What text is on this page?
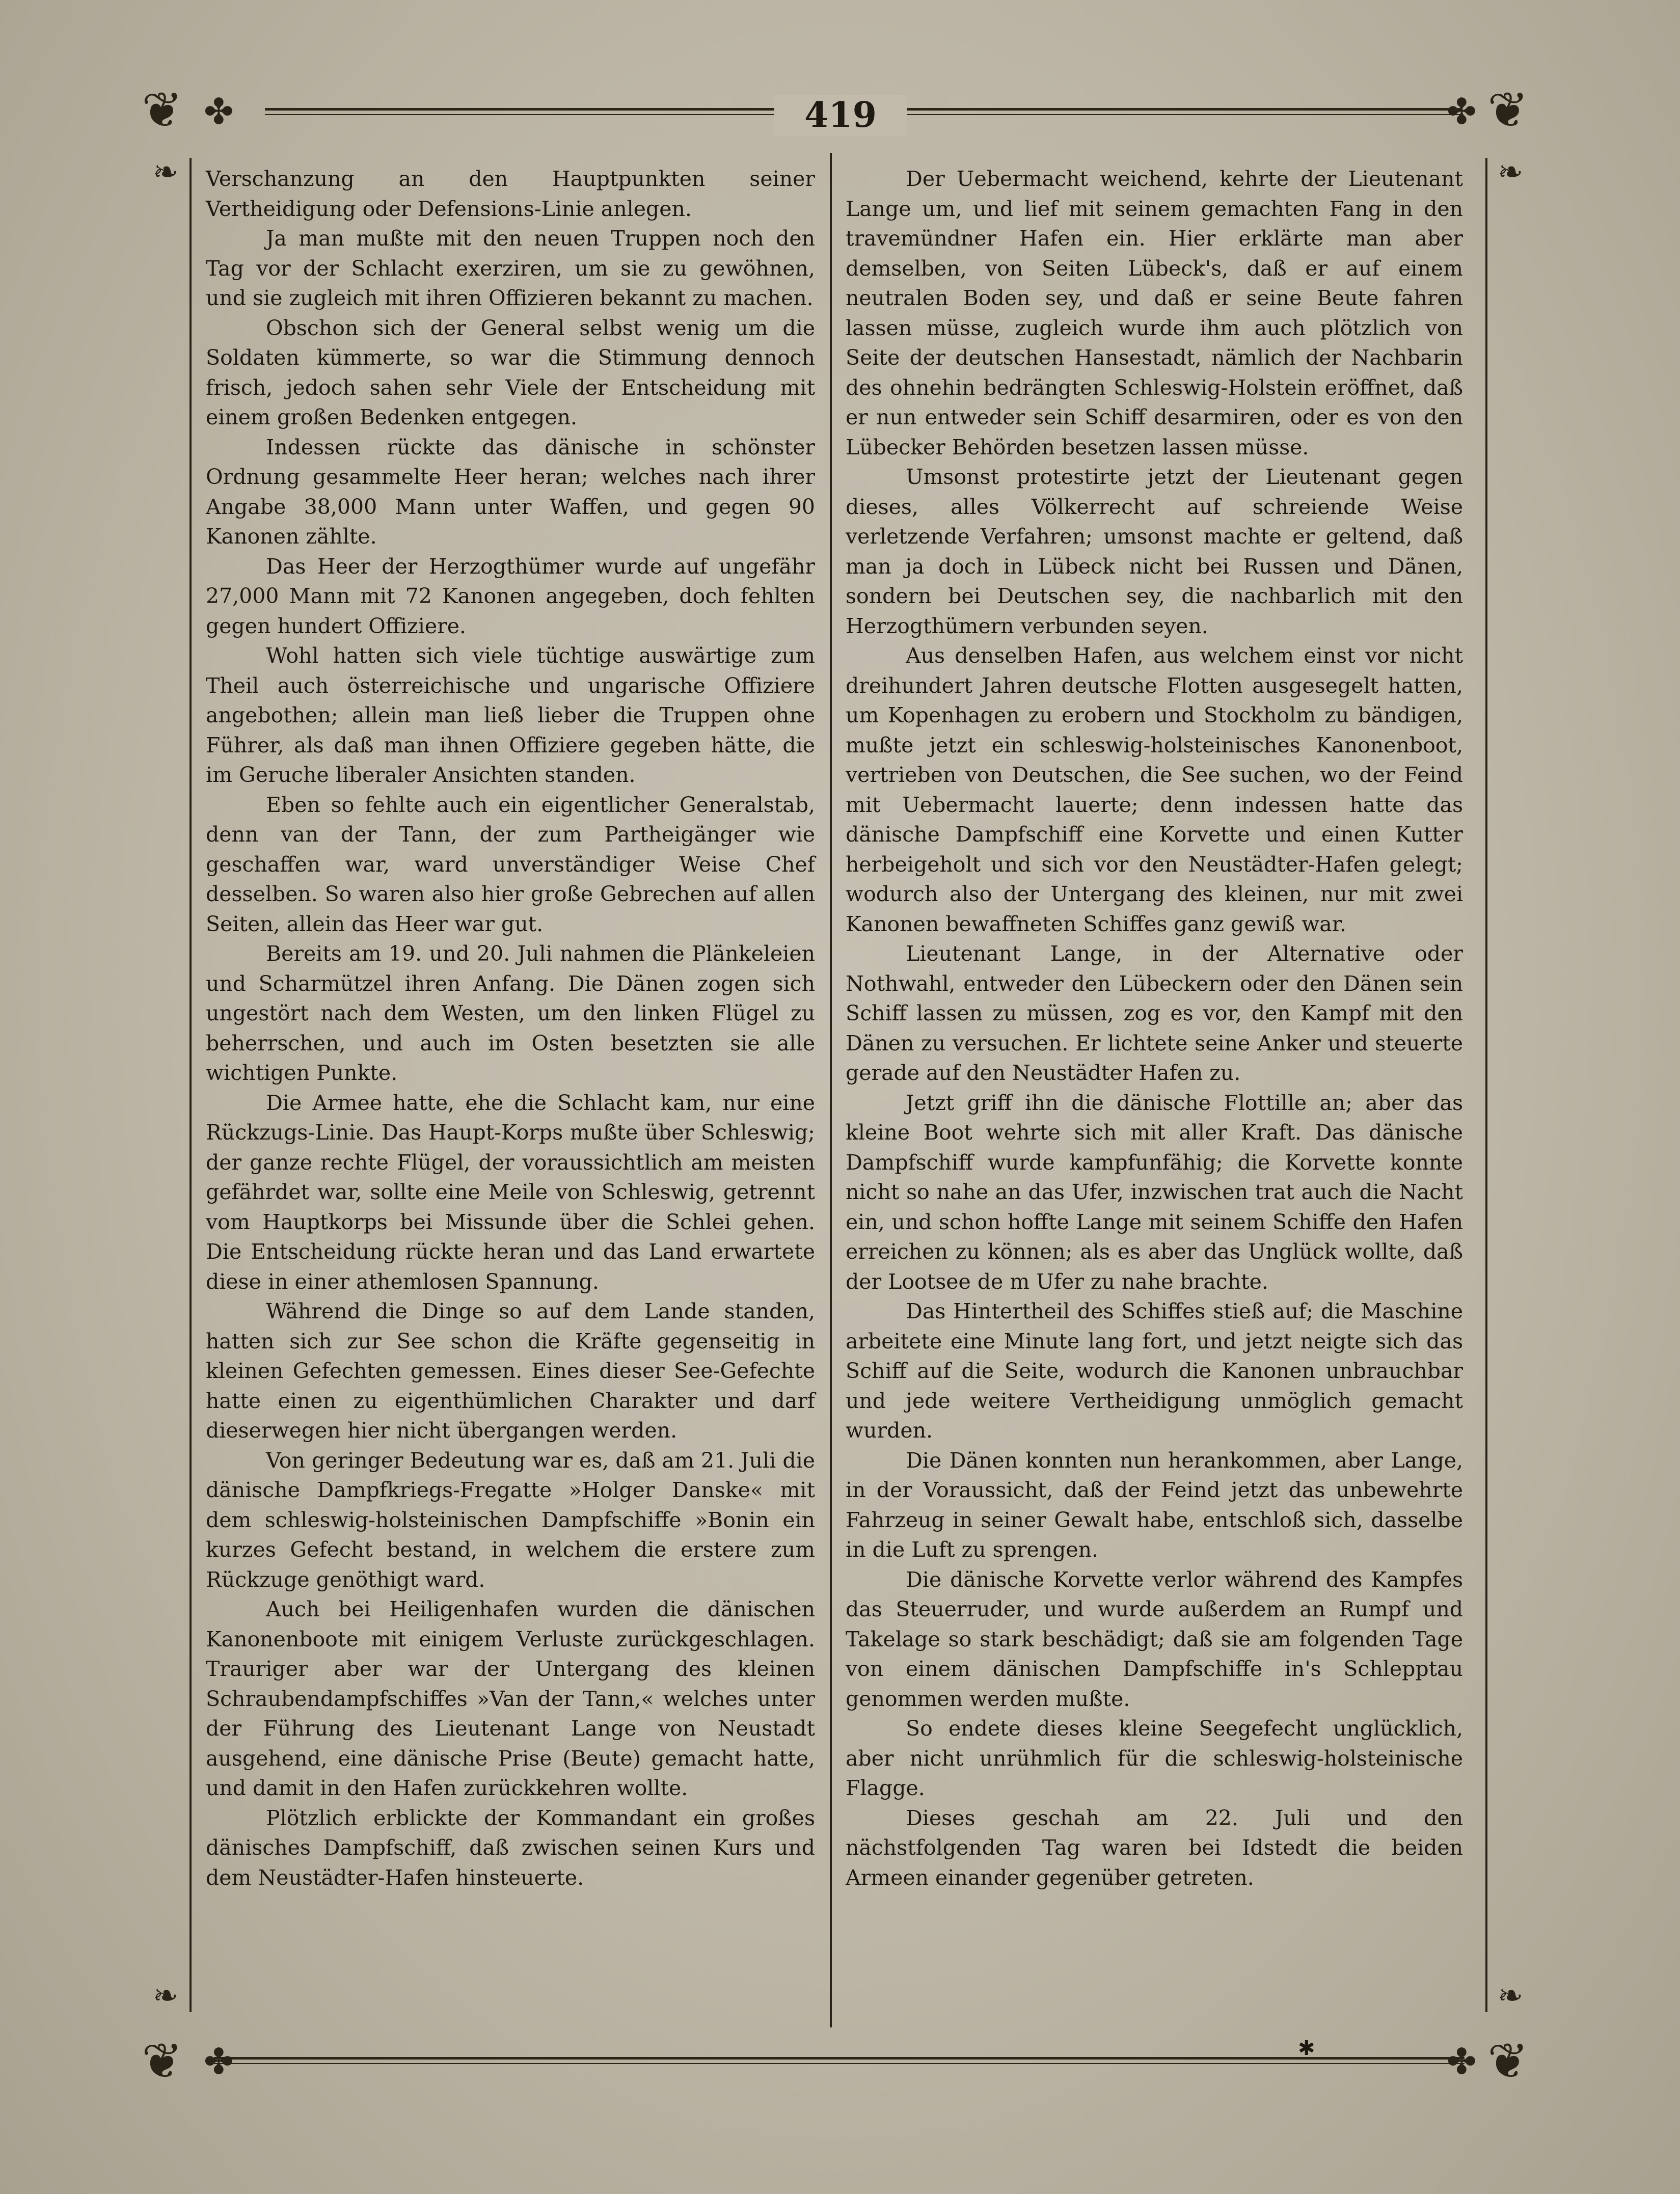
❦ ✤	❦
✤
❦ ✤	❦
✤
❧
❧
❧
❧
419

Verschanzung an den Hauptpunkten seiner Vertheidigung oder Defensions-Linie anlegen.

Ja man mußte mit den neuen Truppen noch den Tag vor der Schlacht exerziren, um sie zu gewöhnen, und sie zugleich mit ihren Offizieren bekannt zu machen.

Obschon sich der General selbst wenig um die Soldaten kümmerte, so war die Stimmung dennoch frisch, jedoch sahen sehr Viele der Entscheidung mit einem großen Bedenken entgegen.

Indessen rückte das dänische in schönster Ordnung gesammelte Heer heran; welches nach ihrer Angabe 38,000 Mann unter Waffen, und gegen 90 Kanonen zählte.

Das Heer der Herzogthümer wurde auf ungefähr 27,000 Mann mit 72 Kanonen angegeben, doch fehlten gegen hundert Offiziere.

Wohl hatten sich viele tüchtige auswärtige zum Theil auch österreichische und ungarische Offiziere angebothen; allein man ließ lieber die Truppen ohne Führer, als daß man ihnen Offiziere gegeben hätte, die im Geruche liberaler Ansichten standen.

Eben so fehlte auch ein eigentlicher Generalstab, denn van der Tann, der zum Partheigänger wie geschaffen war, ward unverständiger Weise Chef desselben. So waren also hier große Gebrechen auf allen Seiten, allein das Heer war gut.

Bereits am 19. und 20. Juli nahmen die Plänkeleien und Scharmützel ihren Anfang. Die Dänen zogen sich ungestört nach dem Westen, um den linken Flügel zu beherrschen, und auch im Osten besetzten sie alle wichtigen Punkte.

Die Armee hatte, ehe die Schlacht kam, nur eine Rückzugs-Linie. Das Haupt-Korps mußte über Schleswig; der ganze rechte Flügel, der voraussichtlich am meisten gefährdet war, sollte eine Meile von Schleswig, getrennt vom Hauptkorps bei Missunde über die Schlei gehen. Die Entscheidung rückte heran und das Land erwartete diese in einer athemlosen Spannung.

Während die Dinge so auf dem Lande standen, hatten sich zur See schon die Kräfte gegenseitig in kleinen Gefechten gemessen. Eines dieser See-Gefechte hatte einen zu eigenthümlichen Charakter und darf dieserwegen hier nicht übergangen werden.

Von geringer Bedeutung war es, daß am 21. Juli die dänische Dampfkriegs-Fregatte »Holger Danske« mit dem schleswig-holsteinischen Dampfschiffe »Bonin ein kurzes Gefecht bestand, in welchem die erstere zum Rückzuge genöthigt ward.

Auch bei Heiligenhafen wurden die dänischen Kanonenboote mit einigem Verluste zurückgeschlagen. Trauriger aber war der Untergang des kleinen Schraubendampfschiffes »Van der Tann,« welches unter der Führung des Lieutenant Lange von Neustadt ausgehend, eine dänische Prise (Beute) gemacht hatte, und damit in den Hafen zurückkehren wollte.

Plötzlich erblickte der Kommandant ein großes dänisches Dampfschiff, daß zwischen seinen Kurs und dem Neustädter-Hafen hinsteuerte.

Der Uebermacht weichend, kehrte der Lieutenant Lange um, und lief mit seinem gemachten Fang in den travemündner Hafen ein. Hier erklärte man aber demselben, von Seiten Lübeck's, daß er auf einem neutralen Boden sey, und daß er seine Beute fahren lassen müsse, zugleich wurde ihm auch plötzlich von Seite der deutschen Hansestadt, nämlich der Nachbarin des ohnehin bedrängten Schleswig-Holstein eröffnet, daß er nun entweder sein Schiff desarmiren, oder es von den Lübecker Behörden besetzen lassen müsse.

Umsonst protestirte jetzt der Lieutenant gegen dieses, alles Völkerrecht auf schreiende Weise verletzende Verfahren; umsonst machte er geltend, daß man ja doch in Lübeck nicht bei Russen und Dänen, sondern bei Deutschen sey, die nachbarlich mit den Herzogthümern verbunden seyen.

Aus denselben Hafen, aus welchem einst vor nicht dreihundert Jahren deutsche Flotten ausgesegelt hatten, um Kopenhagen zu erobern und Stockholm zu bändigen, mußte jetzt ein schleswig-holsteinisches Kanonenboot, vertrieben von Deutschen, die See suchen, wo der Feind mit Uebermacht lauerte; denn indessen hatte das dänische Dampfschiff eine Korvette und einen Kutter herbeigeholt und sich vor den Neustädter-Hafen gelegt; wodurch also der Untergang des kleinen, nur mit zwei Kanonen bewaffneten Schiffes ganz gewiß war.

Lieutenant Lange, in der Alternative oder Nothwahl, entweder den Lübeckern oder den Dänen sein Schiff lassen zu müssen, zog es vor, den Kampf mit den Dänen zu versuchen. Er lichtete seine Anker und steuerte gerade auf den Neustädter Hafen zu.

Jetzt griff ihn die dänische Flottille an; aber das kleine Boot wehrte sich mit aller Kraft. Das dänische Dampfschiff wurde kampfunfähig; die Korvette konnte nicht so nahe an das Ufer, inzwischen trat auch die Nacht ein, und schon hoffte Lange mit seinem Schiffe den Hafen erreichen zu können; als es aber das Unglück wollte, daß der Lootsee de m Ufer zu nahe brachte.

Das Hintertheil des Schiffes stieß auf; die Maschine arbeitete eine Minute lang fort, und jetzt neigte sich das Schiff auf die Seite, wodurch die Kanonen unbrauchbar und jede weitere Vertheidigung unmöglich gemacht wurden.

Die Dänen konnten nun herankommen, aber Lange, in der Voraussicht, daß der Feind jetzt das unbewehrte Fahrzeug in seiner Gewalt habe, entschloß sich, dasselbe in die Luft zu sprengen.

Die dänische Korvette verlor während des Kampfes das Steuerruder, und wurde außerdem an Rumpf und Takelage so stark beschädigt; daß sie am folgenden Tage von einem dänischen Dampfschiffe in's Schlepptau genommen werden mußte.

So endete dieses kleine Seegefecht unglücklich, aber nicht unrühmlich für die schleswig-holsteinische Flagge.

Dieses geschah am 22. Juli und den nächstfolgenden Tag waren bei Idstedt die beiden Armeen einander gegenüber getreten.

✱
